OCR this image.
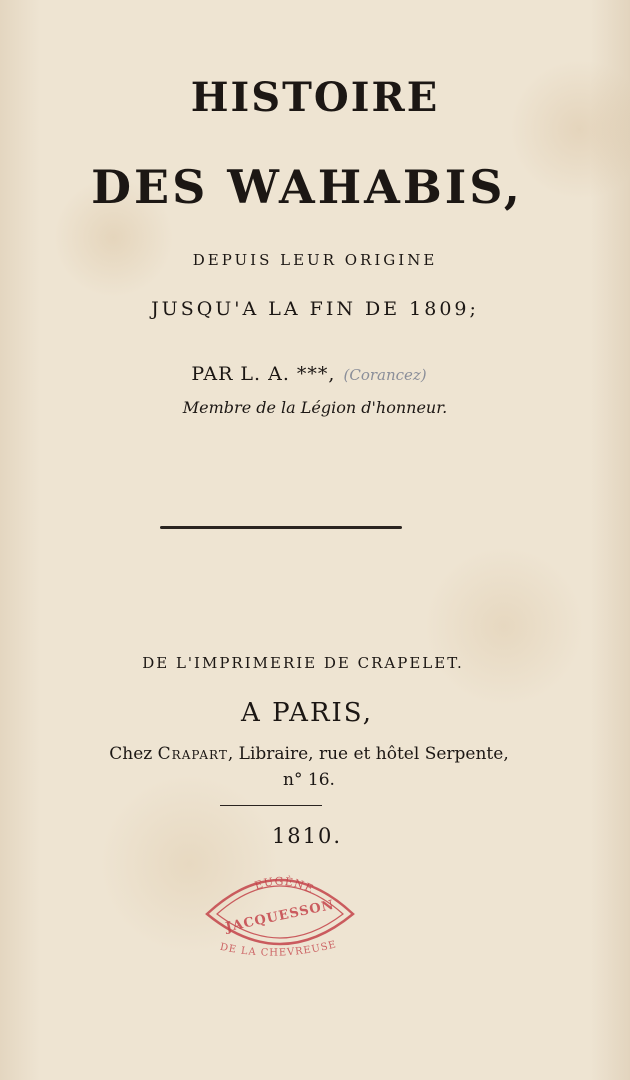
HISTOIRE
DES WAHABIS,
DEPUIS LEUR ORIGINE
JUSQU'A LA FIN DE 1809;
PAR L. A. ***, (Corancez)
Membre de la Légion d'honneur.
DE L'IMPRIMERIE DE CRAPELET.
A PARIS,
Chez Crapart, Libraire, rue et hôtel Serpente,
n° 16.
1810.
EUGÈNE
JACQUESSON
DE LA CHEVREUSE
